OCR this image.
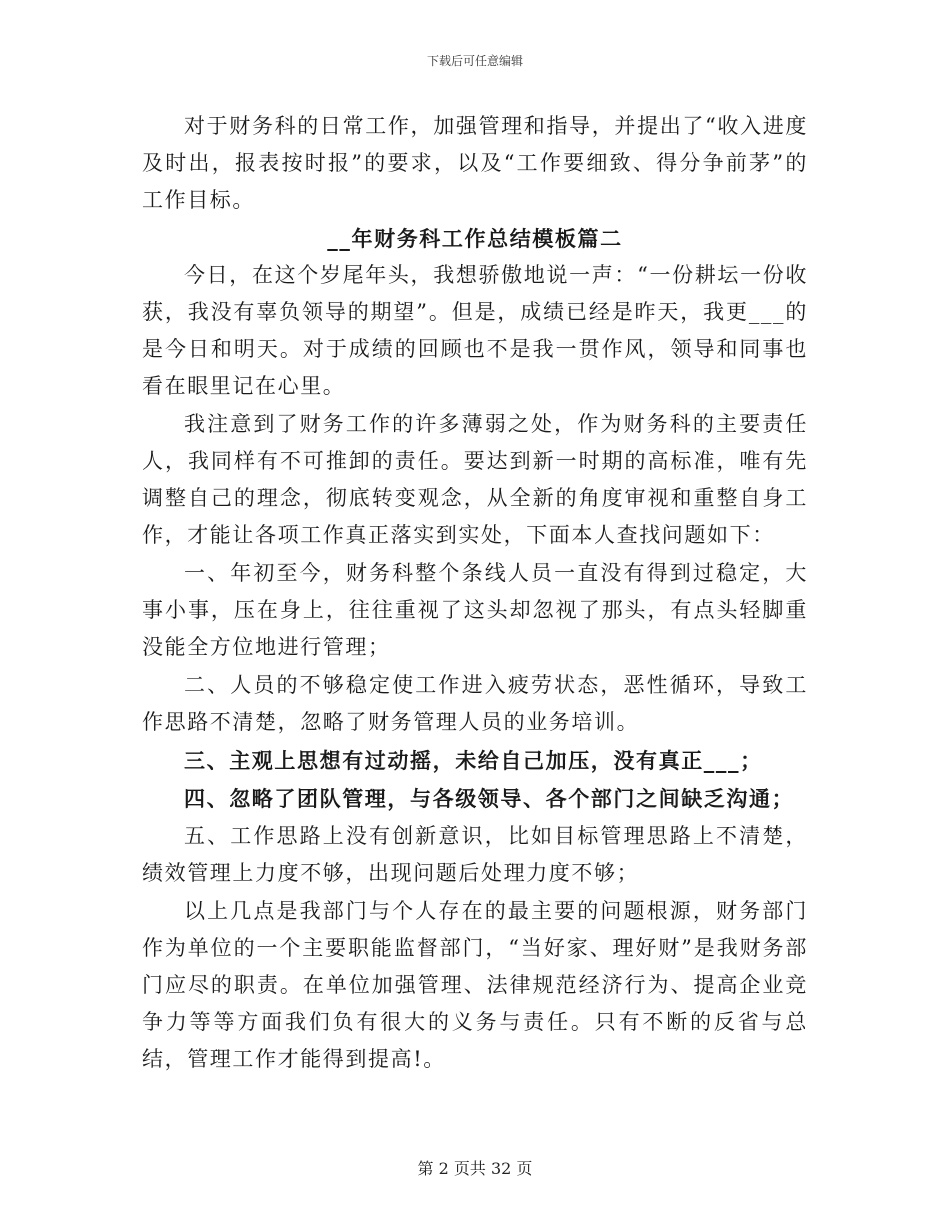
下载后可任意编辑

对于财务科的日常工作，加强管理和指导，并提出了“收入进度及时出，报表按时报”的要求，以及“工作要细致、得分争前茅”的工作目标。

__年财务科工作总结模板篇二

今日，在这个岁尾年头，我想骄傲地说一声：“一份耕坛一份收获，我没有辜负领导的期望”。但是，成绩已经是昨天，我更___的是今日和明天。对于成绩的回顾也不是我一贯作风，领导和同事也看在眼里记在心里。

我注意到了财务工作的许多薄弱之处，作为财务科的主要责任人，我同样有不可推卸的责任。要达到新一时期的高标准，唯有先调整自己的理念，彻底转变观念，从全新的角度审视和重整自身工作，才能让各项工作真正落实到实处，下面本人查找问题如下：

一、年初至今，财务科整个条线人员一直没有得到过稳定，大事小事，压在身上，往往重视了这头却忽视了那头，有点头轻脚重没能全方位地进行管理；

二、人员的不够稳定使工作进入疲劳状态，恶性循环，导致工作思路不清楚，忽略了财务管理人员的业务培训。

三、主观上思想有过动摇，未给自己加压，没有真正___；

四、忽略了团队管理，与各级领导、各个部门之间缺乏沟通；

五、工作思路上没有创新意识，比如目标管理思路上不清楚，绩效管理上力度不够，出现问题后处理力度不够；

以上几点是我部门与个人存在的最主要的问题根源，财务部门作为单位的一个主要职能监督部门，“当好家、理好财”是我财务部门应尽的职责。在单位加强管理、法律规范经济行为、提高企业竞争力等等方面我们负有很大的义务与责任。只有不断的反省与总结，管理工作才能得到提高!。

第 2 页共 32 页
